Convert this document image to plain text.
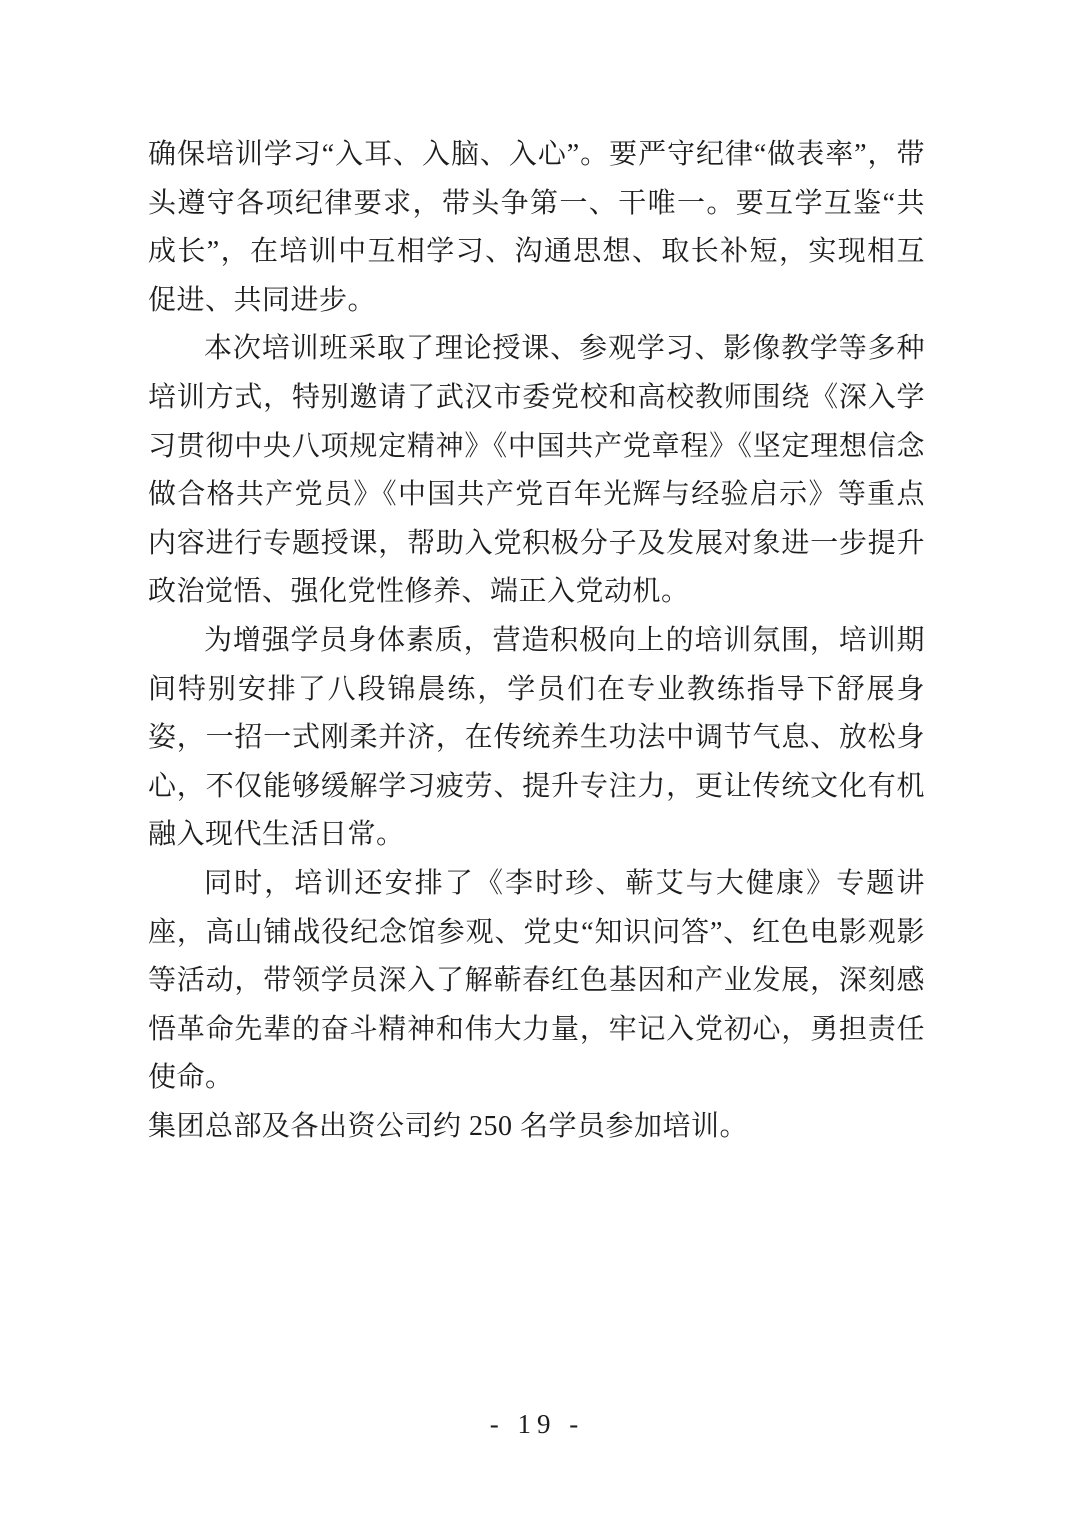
确保培训学习“入耳、入脑、入心”。要严守纪律“做表率”，带头遵守各项纪律要求，带头争第一、干唯一。要互学互鉴“共成长”，在培训中互相学习、沟通思想、取长补短，实现相互促进、共同进步。

本次培训班采取了理论授课、参观学习、影像教学等多种培训方式，特别邀请了武汉市委党校和高校教师围绕《深入学习贯彻中央八项规定精神》《中国共产党章程》《坚定理想信念 做合格共产党员》《中国共产党百年光辉与经验启示》等重点内容进行专题授课，帮助入党积极分子及发展对象进一步提升政治觉悟、强化党性修养、端正入党动机。

为增强学员身体素质，营造积极向上的培训氛围，培训期间特别安排了八段锦晨练，学员们在专业教练指导下舒展身姿，一招一式刚柔并济，在传统养生功法中调节气息、放松身心，不仅能够缓解学习疲劳、提升专注力，更让传统文化有机融入现代生活日常。

同时，培训还安排了《李时珍、蕲艾与大健康》专题讲座，高山铺战役纪念馆参观、党史“知识问答”、红色电影观影等活动，带领学员深入了解蕲春红色基因和产业发展，深刻感悟革命先辈的奋斗精神和伟大力量，牢记入党初心，勇担责任使命。

集团总部及各出资公司约 250 名学员参加培训。

- 19 -
